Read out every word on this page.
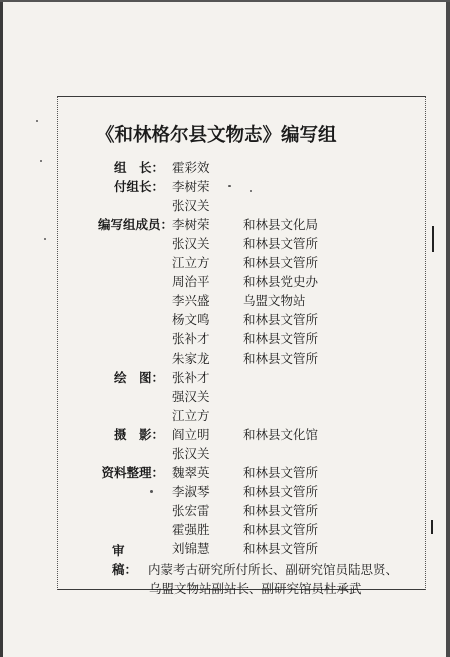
《和林格尔县文物志》编写组
组　长： 霍彩效
付组长： 李树荣
张汉关
编写组成员：
李树荣	和林县文化局
张汉关	和林县文管所
江立方	和林县文管所
周治平	和林县党史办
李兴盛	乌盟文物站
杨文鸣	和林县文管所
张补才	和林县文管所
朱家龙	和林县文管所
绘　图： 张补才
强汉关
江立方
摄　影： 阎立明	和林县文化馆
张汉关
资料整理： 魏翠英	和林县文管所
李淑琴	和林县文管所
张宏雷	和林县文管所
霍强胜	和林县文管所
刘锦慧	和林县文管所
审稿： 内蒙考古研究所付所长、副研究馆员陆思贤、
乌盟文物站副站长、副研究馆员杜承武
